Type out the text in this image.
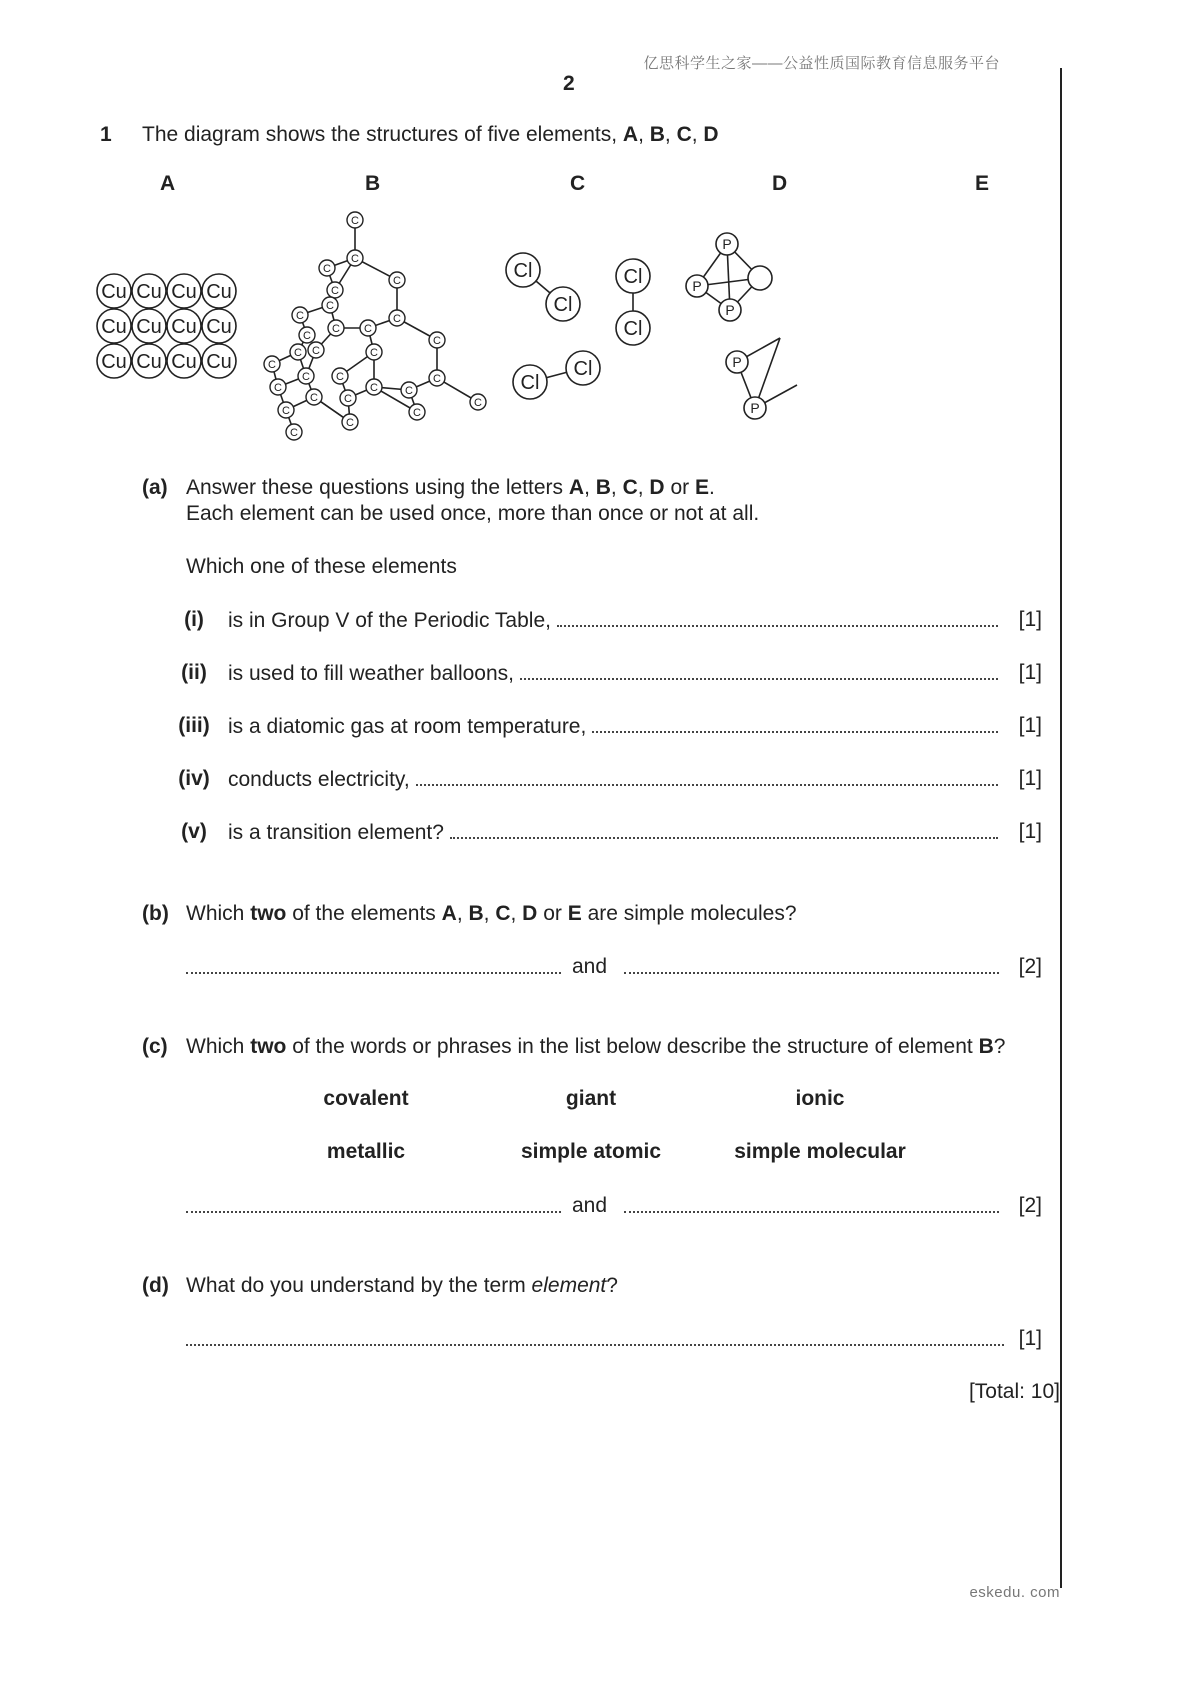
亿思科学生之家——公益性质国际教育信息服务平台
2
1 The diagram shows the structures of five elements, A, B, C, D
A	B	C	D	E
Cu Cu Cu Cu
Cu Cu Cu Cu
Cu Cu Cu Cu
C
C
C
C
C
C
C	C
C C
C	C
C C	C
C
C C	C
C	C C
C C	C
C	C
C
C
Cl
Cl
Cl
Cl
Cl
Cl
P
P
P
P
P
(a) Answer these questions using the letters A, B, C, D or E.
Each element can be used once, more than once or not at all.
Which one of these elements
(i)	is in Group V of the Periodic Table,	[1]
(ii)	is used to fill weather balloons,	[1]
(iii) is a diatomic gas at room temperature,	[1]
(iv) conducts electricity,	[1]
(v)	is a transition element?	[1]
(b) Which two of the elements A, B, C, D or E are simple molecules?
and	[2]
(c) Which two of the words or phrases in the list below describe the structure of element B?
covalent	giant	ionic
metallic	simple atomic	simple molecular
and	[2]
(d) What do you understand by the term element?
[1]
[Total: 10]
eskedu. com
